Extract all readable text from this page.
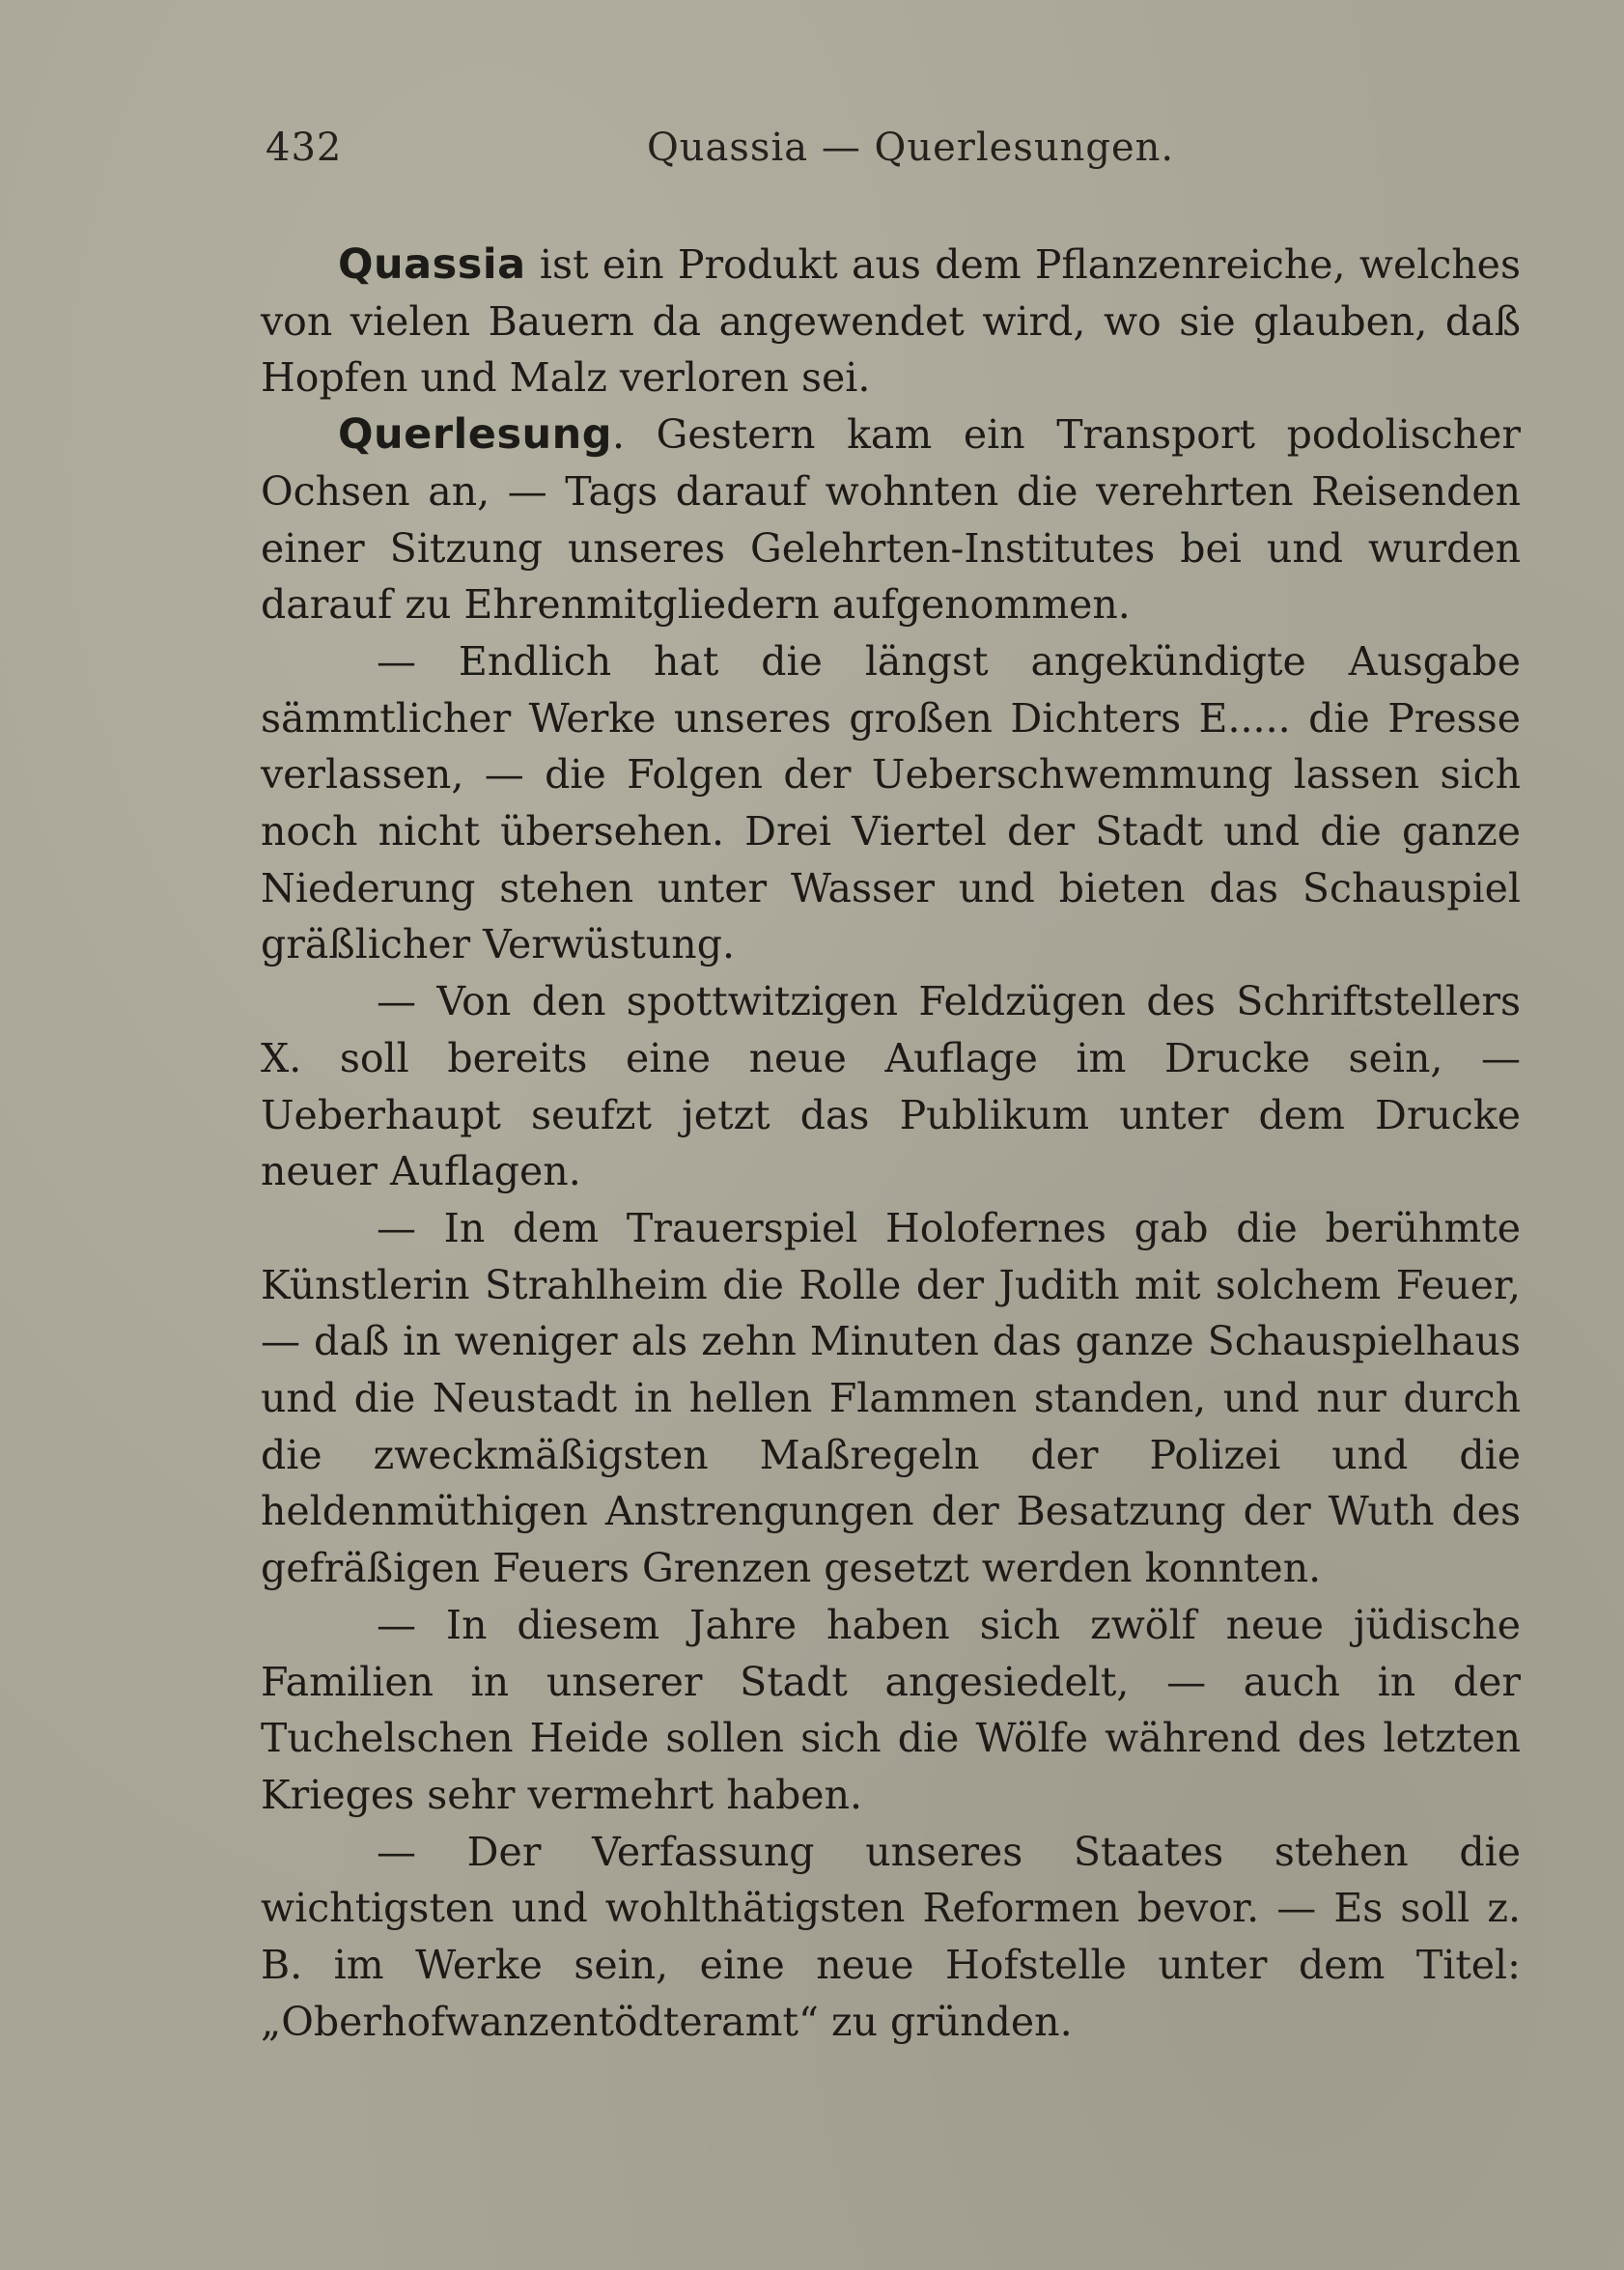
432	Quassia — Querlesungen.

Quassia ist ein Produkt aus dem Pflanzenreiche, welches von vielen Bauern da angewendet wird, wo sie glauben, daß Hopfen und Malz verloren sei.

Querlesung. Gestern kam ein Transport podolischer Ochsen an, — Tags darauf wohnten die verehrten Reisenden einer Sitzung unseres Gelehrten-Institutes bei und wurden darauf zu Ehrenmitgliedern aufgenommen.

— Endlich hat die längst angekündigte Ausgabe sämmtlicher Werke unseres großen Dichters E..... die Presse verlassen, — die Folgen der Ueberschwemmung lassen sich noch nicht übersehen. Drei Viertel der Stadt und die ganze Niederung stehen unter Wasser und bieten das Schauspiel gräßlicher Verwüstung.

— Von den spottwitzigen Feldzügen des Schriftstellers X. soll bereits eine neue Auflage im Drucke sein, — Ueberhaupt seufzt jetzt das Publikum unter dem Drucke neuer Auflagen.

— In dem Trauerspiel Holofernes gab die berühmte Künstlerin Strahlheim die Rolle der Judith mit solchem Feuer, — daß in weniger als zehn Minuten das ganze Schauspielhaus und die Neustadt in hellen Flammen standen, und nur durch die zweckmäßigsten Maßregeln der Polizei und die heldenmüthigen Anstrengungen der Besatzung der Wuth des gefräßigen Feuers Grenzen gesetzt werden konnten.

— In diesem Jahre haben sich zwölf neue jüdische Familien in unserer Stadt angesiedelt, — auch in der Tuchelschen Heide sollen sich die Wölfe während des letzten Krieges sehr vermehrt haben.

— Der Verfassung unseres Staates stehen die wichtigsten und wohlthätigsten Reformen bevor. — Es soll z. B. im Werke sein, eine neue Hofstelle unter dem Titel: „Oberhofwanzentödteramt“ zu gründen.
